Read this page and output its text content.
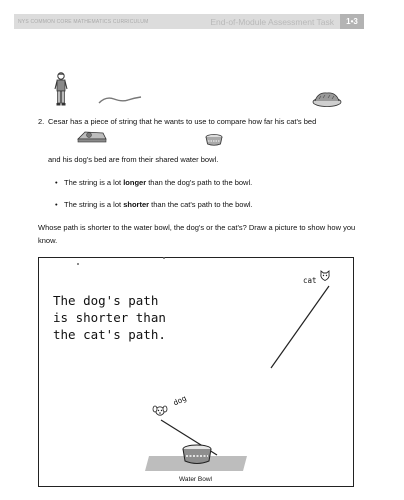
NYS COMMON CORE MATHEMATICS CURRICULUM	End-of-Module Assessment Task	1•3
2. Cesar has a piece of string that he wants to use to compare how far his cat's bed
and his dog's bed are from their shared water bowl.
• The string is a lot longer than the dog's path to the bowl.
• The string is a lot shorter than the cat's path to the bowl.
Whose path is shorter to the water bowl, the dog's or the cat's? Draw a picture to show how you know.
The dog's path
is shorter than
the cat's path.
cat
dog
Water Bowl
